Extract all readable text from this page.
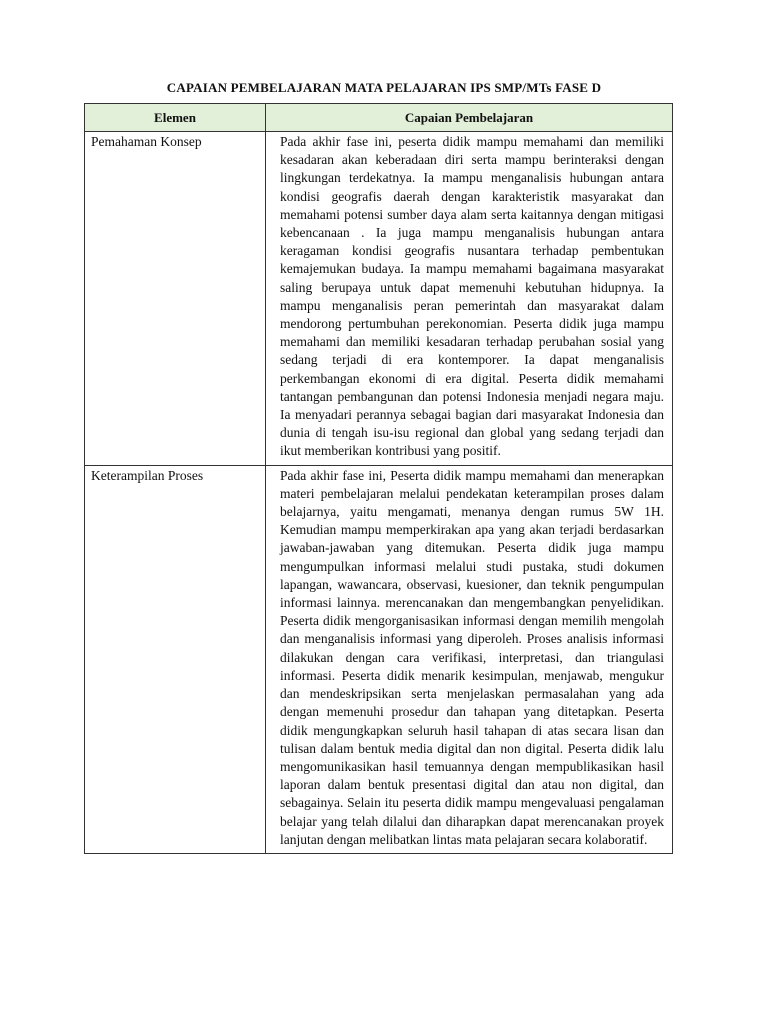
CAPAIAN PEMBELAJARAN MATA PELAJARAN IPS SMP/MTs FASE D
Elemen	Capaian Pembelajaran
Pemahaman Konsep	Pada akhir fase ini, peserta didik mampu memahami dan memiliki kesadaran akan keberadaan diri serta mampu berinteraksi dengan lingkungan terdekatnya. Ia mampu menganalisis hubungan antara kondisi geografis daerah dengan karakteristik masyarakat dan memahami potensi sumber daya alam serta kaitannya dengan mitigasi kebencanaan . Ia juga mampu menganalisis hubungan antara keragaman kondisi geografis nusantara terhadap pembentukan kemajemukan budaya. Ia mampu memahami bagaimana masyarakat saling berupaya untuk dapat memenuhi kebutuhan hidupnya. Ia mampu menganalisis peran pemerintah dan masyarakat dalam mendorong pertumbuhan perekonomian. Peserta didik juga mampu memahami dan memiliki kesadaran terhadap perubahan sosial yang sedang terjadi di era kontemporer. Ia dapat menganalisis perkembangan ekonomi di era digital. Peserta didik memahami tantangan pembangunan dan potensi Indonesia menjadi negara maju. Ia menyadari perannya sebagai bagian dari masyarakat Indonesia dan dunia di tengah isu-isu regional dan global yang sedang terjadi dan ikut memberikan kontribusi yang positif.

Keterampilan Proses	Pada akhir fase ini, Peserta didik mampu memahami dan menerapkan materi pembelajaran melalui pendekatan keterampilan proses dalam belajarnya, yaitu mengamati, menanya dengan rumus 5W 1H. Kemudian mampu memperkirakan apa yang akan terjadi berdasarkan jawaban-jawaban yang ditemukan. Peserta didik juga mampu mengumpulkan informasi melalui studi pustaka, studi dokumen lapangan, wawancara, observasi, kuesioner, dan teknik pengumpulan informasi lainnya. merencanakan dan mengembangkan penyelidikan. Peserta didik mengorganisasikan informasi dengan memilih mengolah dan menganalisis informasi yang diperoleh. Proses analisis informasi dilakukan dengan cara verifikasi, interpretasi, dan triangulasi informasi. Peserta didik menarik kesimpulan, menjawab, mengukur dan mendeskripsikan serta menjelaskan permasalahan yang ada dengan memenuhi prosedur dan tahapan yang ditetapkan. Peserta didik mengungkapkan seluruh hasil tahapan di atas secara lisan dan tulisan dalam bentuk media digital dan non digital. Peserta didik lalu mengomunikasikan hasil temuannya dengan mempublikasikan hasil laporan dalam bentuk presentasi digital dan atau non digital, dan sebagainya. Selain itu peserta didik mampu mengevaluasi pengalaman belajar yang telah dilalui dan diharapkan dapat merencanakan proyek lanjutan dengan melibatkan lintas mata pelajaran secara kolaboratif.
